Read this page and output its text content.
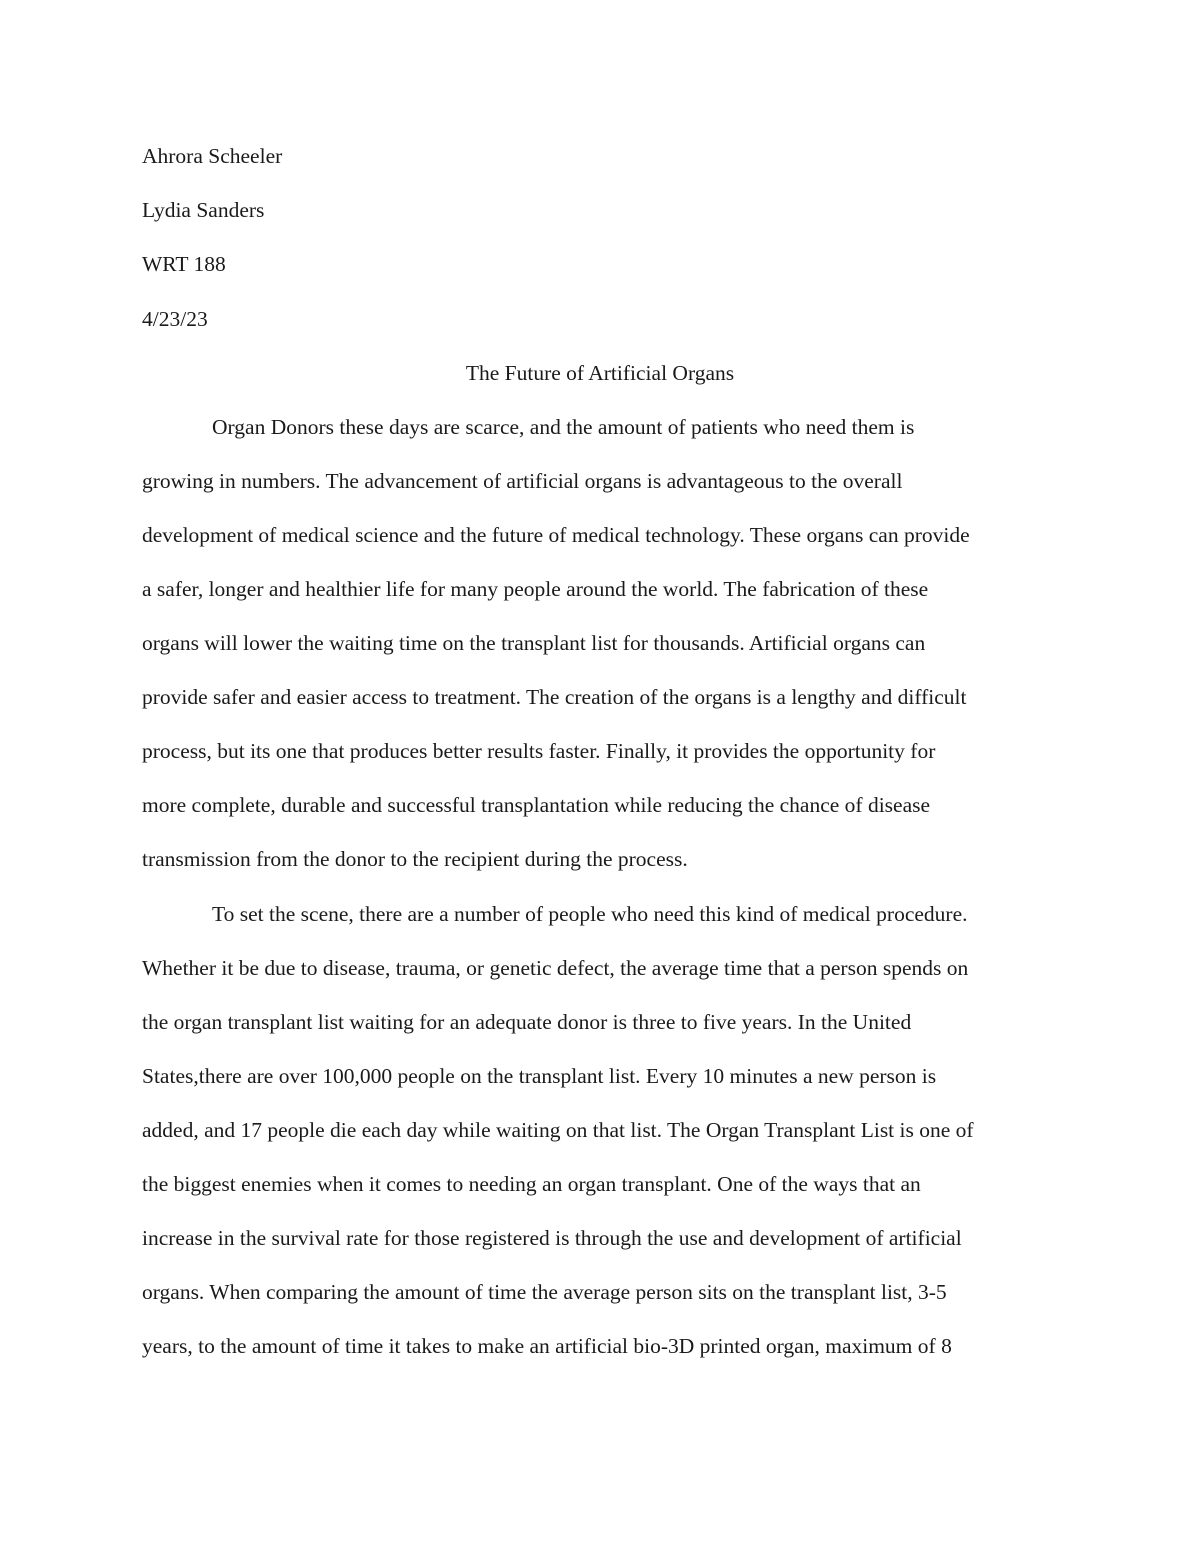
Ahrora Scheeler
Lydia Sanders
WRT 188
4/23/23
The Future of Artificial Organs
Organ Donors these days are scarce, and the amount of patients who need them is
growing in numbers. The advancement of artificial organs is advantageous to the overall
development of medical science and the future of medical technology. These organs can provide
a safer, longer and healthier life for many people around the world. The fabrication of these
organs will lower the waiting time on the transplant list for thousands. Artificial organs can
provide safer and easier access to treatment. The creation of the organs is a lengthy and difficult
process, but its one that produces better results faster. Finally, it provides the opportunity for
more complete, durable and successful transplantation while reducing the chance of disease
transmission from the donor to the recipient during the process.
To set the scene, there are a number of people who need this kind of medical procedure.
Whether it be due to disease, trauma, or genetic defect, the average time that a person spends on
the organ transplant list waiting for an adequate donor is three to five years. In the United
States,there are over 100,000 people on the transplant list. Every 10 minutes a new person is
added, and 17 people die each day while waiting on that list. The Organ Transplant List is one of
the biggest enemies when it comes to needing an organ transplant. One of the ways that an
increase in the survival rate for those registered is through the use and development of artificial
organs. When comparing the amount of time the average person sits on the transplant list, 3-5
years, to the amount of time it takes to make an artificial bio-3D printed organ, maximum of 8
